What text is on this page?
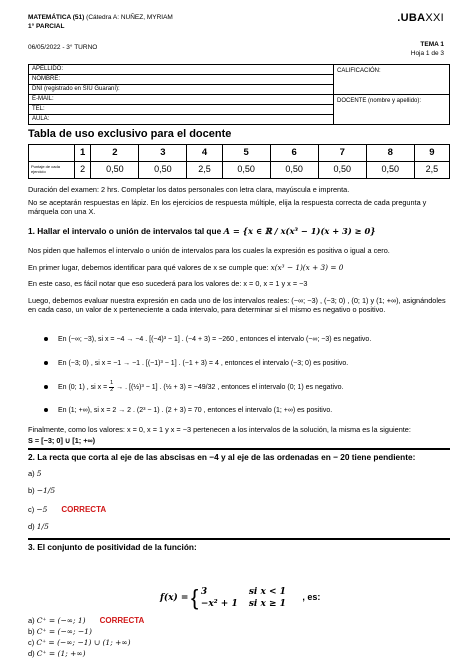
MATEMÁTICA (51) (Cátedra A: NUÑEZ, MYRIAM
1° PARCIAL
06/05/2022 - 3° TURNO
.UBAXXI
TEMA 1
Hoja 1 de 3
APELLIDO:	CALIFICACIÓN:
NOMBRE:	
DNI (registrado en SIU Guaraní):	
E-MAIL:	DOCENTE (nombre y apellido):
TEL:	
AULA:	
Tabla de uso exclusivo para el docente
	1	2	3	4	5	6	7	8	9
Puntaje de cada ejercicio	2	0,50	0,50	2,5	0,50	0,50	0,50	0,50	2,5
Duración del examen: 2 hrs. Completar los datos personales con letra clara, mayúscula e imprenta.
No se aceptarán respuestas en lápiz. En los ejercicios de respuesta múltiple, elija la respuesta correcta de cada pregunta y márquela con una X.
1. Hallar el intervalo o unión de intervalos tal que A = {x ∈ ℝ / x(x³ − 1)(x + 3) ≥ 0}
Nos piden que hallemos el intervalo o unión de intervalos para los cuales la expresión es positiva o igual a cero.
En primer lugar, debemos identificar para qué valores de x se cumple que: x(x³ − 1)(x + 3) = 0
En este caso, es fácil notar que eso sucederá para los valores de: x = 0, x = 1 y x = −3
Luego, debemos evaluar nuestra expresión en cada uno de los intervalos reales: (−∞; −3) , (−3; 0) , (0; 1) y (1; +∞), asignándoles en cada caso, un valor de x perteneciente a cada intervalo, para determinar si el mismo es negativo o positivo.
En (−∞; −3), si x = −4 → −4 . [(−4)³ − 1] . (−4 + 3) = −260 , entonces el intervalo (−∞; −3) es negativo.
En (−3; 0) , si x = −1 → −1 . [(−1)³ − 1] . (−1 + 3) = 4 , entonces el intervalo (−3; 0) es positivo.
En (0; 1) , si $x = \frac{1}{2}$ → . [(½)³ − 1] . (½ + 3) = −49/32 , entonces el intervalo (0; 1) es negativo.
En (1; +∞), si x = 2 → 2 . (2³ − 1) . (2 + 3) = 70 , entonces el intervalo (1; +∞) es positivo.
Finalmente, como los valores: x = 0, x = 1 y x = −3 pertenecen a los intervalos de la solución, la misma es la siguiente:
S = [−3; 0] ∪ [1; +∞)
2. La recta que corta al eje de las abscisas en −4 y al eje de las ordenadas en − 20 tiene pendiente:
a) 5
b) −1/5
c) −5 CORRECTA
d) 1/5
3. El conjunto de positividad de la función:
f(x) = { 3	si x < 1
−x² + 1 si x ≥ 1
, es:
a) C⁺ = (−∞; 1) CORRECTA
b) C⁺ = (−∞; −1)
c) C⁺ = (−∞; −1) ∪ (1; +∞)
d) C⁺ = (1; +∞)
